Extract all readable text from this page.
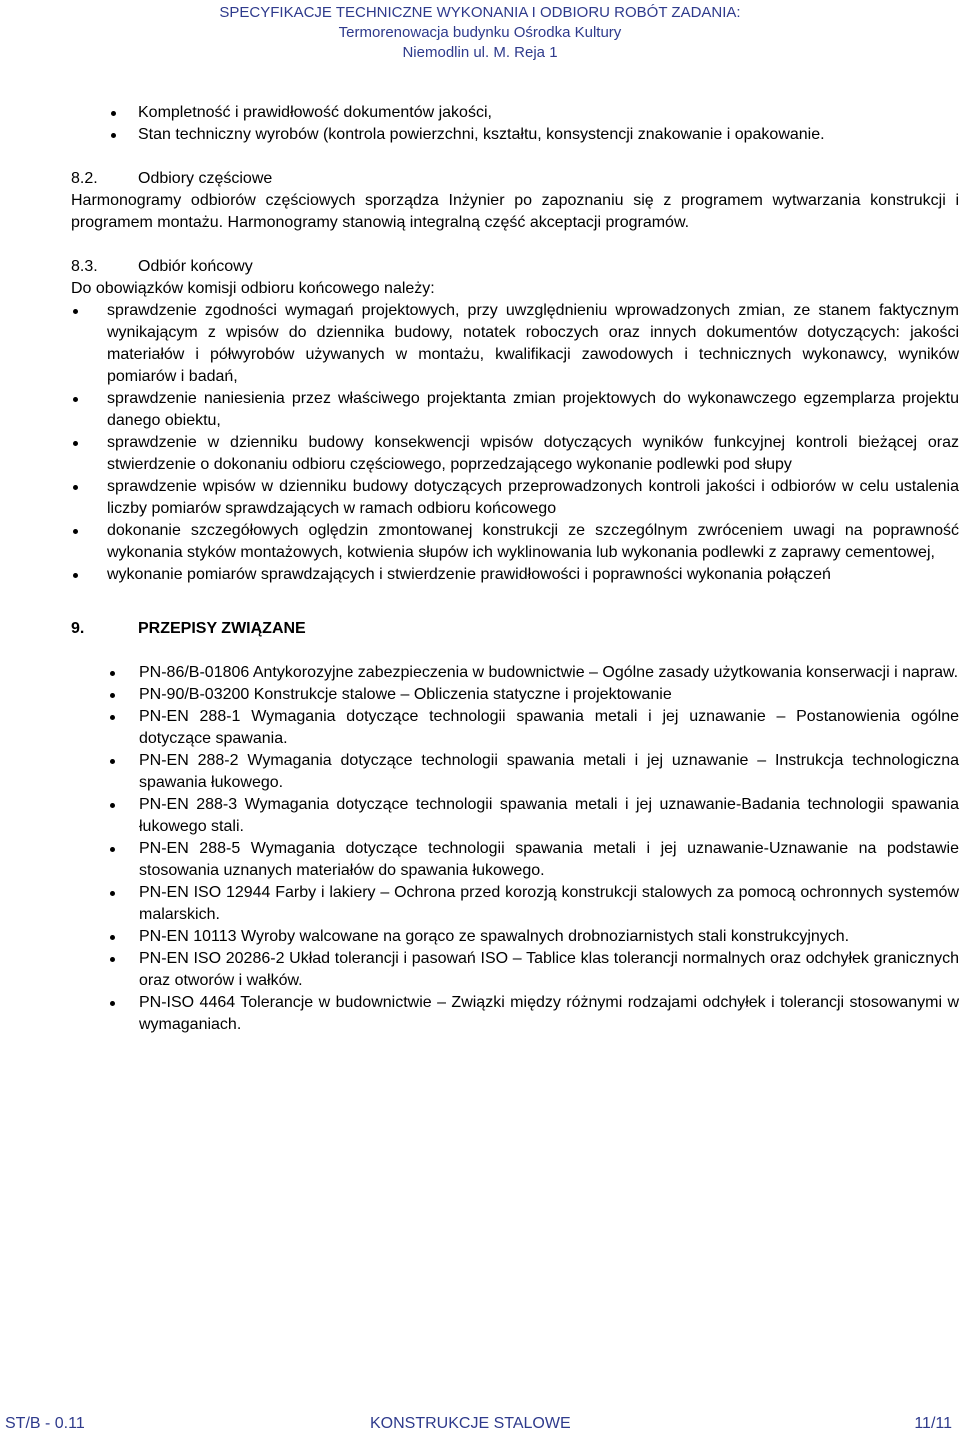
SPECYFIKACJE TECHNICZNE WYKONANIA I ODBIORU ROBÓT ZADANIA:
Termorenowacja budynku Ośrodka Kultury
Niemodlin ul. M. Reja 1
Kompletność i prawidłowość dokumentów jakości,
Stan techniczny wyrobów (kontrola powierzchni, kształtu, konsystencji znakowanie i opakowanie.
8.2.	Odbiory częściowe

Harmonogramy odbiorów częściowych sporządza Inżynier po zapoznaniu się z programem wytwarzania konstrukcji i programem montażu. Harmonogramy stanowią integralną część akceptacji programów.

8.3.	Odbiór końcowy

Do obowiązków komisji odbioru końcowego należy:

sprawdzenie zgodności wymagań projektowych, przy uwzględnieniu wprowadzonych zmian, ze stanem faktycznym wynikającym z wpisów do dziennika budowy, notatek roboczych oraz innych dokumentów dotyczących: jakości materiałów i półwyrobów używanych w montażu, kwalifikacji zawodowych i technicznych wykonawcy, wyników pomiarów i badań,
sprawdzenie naniesienia przez właściwego projektanta zmian projektowych do wykonawczego egzemplarza projektu danego obiektu,
sprawdzenie w dzienniku budowy konsekwencji wpisów dotyczących wyników funkcyjnej kontroli bieżącej oraz stwierdzenie o dokonaniu odbioru częściowego, poprzedzającego wykonanie podlewki pod słupy
sprawdzenie wpisów w dzienniku budowy dotyczących przeprowadzonych kontroli jakości i odbiorów w celu ustalenia liczby pomiarów sprawdzających w ramach odbioru końcowego
dokonanie szczegółowych oględzin zmontowanej konstrukcji ze szczególnym zwróceniem uwagi na poprawność wykonania styków montażowych, kotwienia słupów ich wyklinowania lub wykonania podlewki z zaprawy cementowej,
wykonanie pomiarów sprawdzających i stwierdzenie prawidłowości i poprawności wykonania połączeń
9.	PRZEPISY ZWIĄZANE
PN-86/B-01806 Antykorozyjne zabezpieczenia w budownictwie – Ogólne zasady użytkowania konserwacji i napraw.
PN-90/B-03200 Konstrukcje stalowe – Obliczenia statyczne i projektowanie
PN-EN 288-1 Wymagania dotyczące technologii spawania metali i jej uznawanie – Postanowienia ogólne dotyczące spawania.
PN-EN 288-2 Wymagania dotyczące technologii spawania metali i jej uznawanie – Instrukcja technologiczna spawania łukowego.
PN-EN 288-3 Wymagania dotyczące technologii spawania metali i jej uznawanie-Badania technologii spawania łukowego stali.
PN-EN 288-5 Wymagania dotyczące technologii spawania metali i jej uznawanie-Uznawanie na podstawie stosowania uznanych materiałów do spawania łukowego.
PN-EN ISO 12944 Farby i lakiery – Ochrona przed korozją konstrukcji stalowych za pomocą ochronnych systemów malarskich.
PN-EN 10113 Wyroby walcowane na gorąco ze spawalnych drobnoziarnistych stali konstrukcyjnych.
PN-EN ISO 20286-2 Układ tolerancji i pasowań ISO – Tablice klas tolerancji normalnych oraz odchyłek granicznych oraz otworów i wałków.
PN-ISO 4464 Tolerancje w budownictwie – Związki między różnymi rodzajami odchyłek i tolerancji stosowanymi w wymaganiach.
ST/B - 0.11	KONSTRUKCJE STALOWE	11/11
